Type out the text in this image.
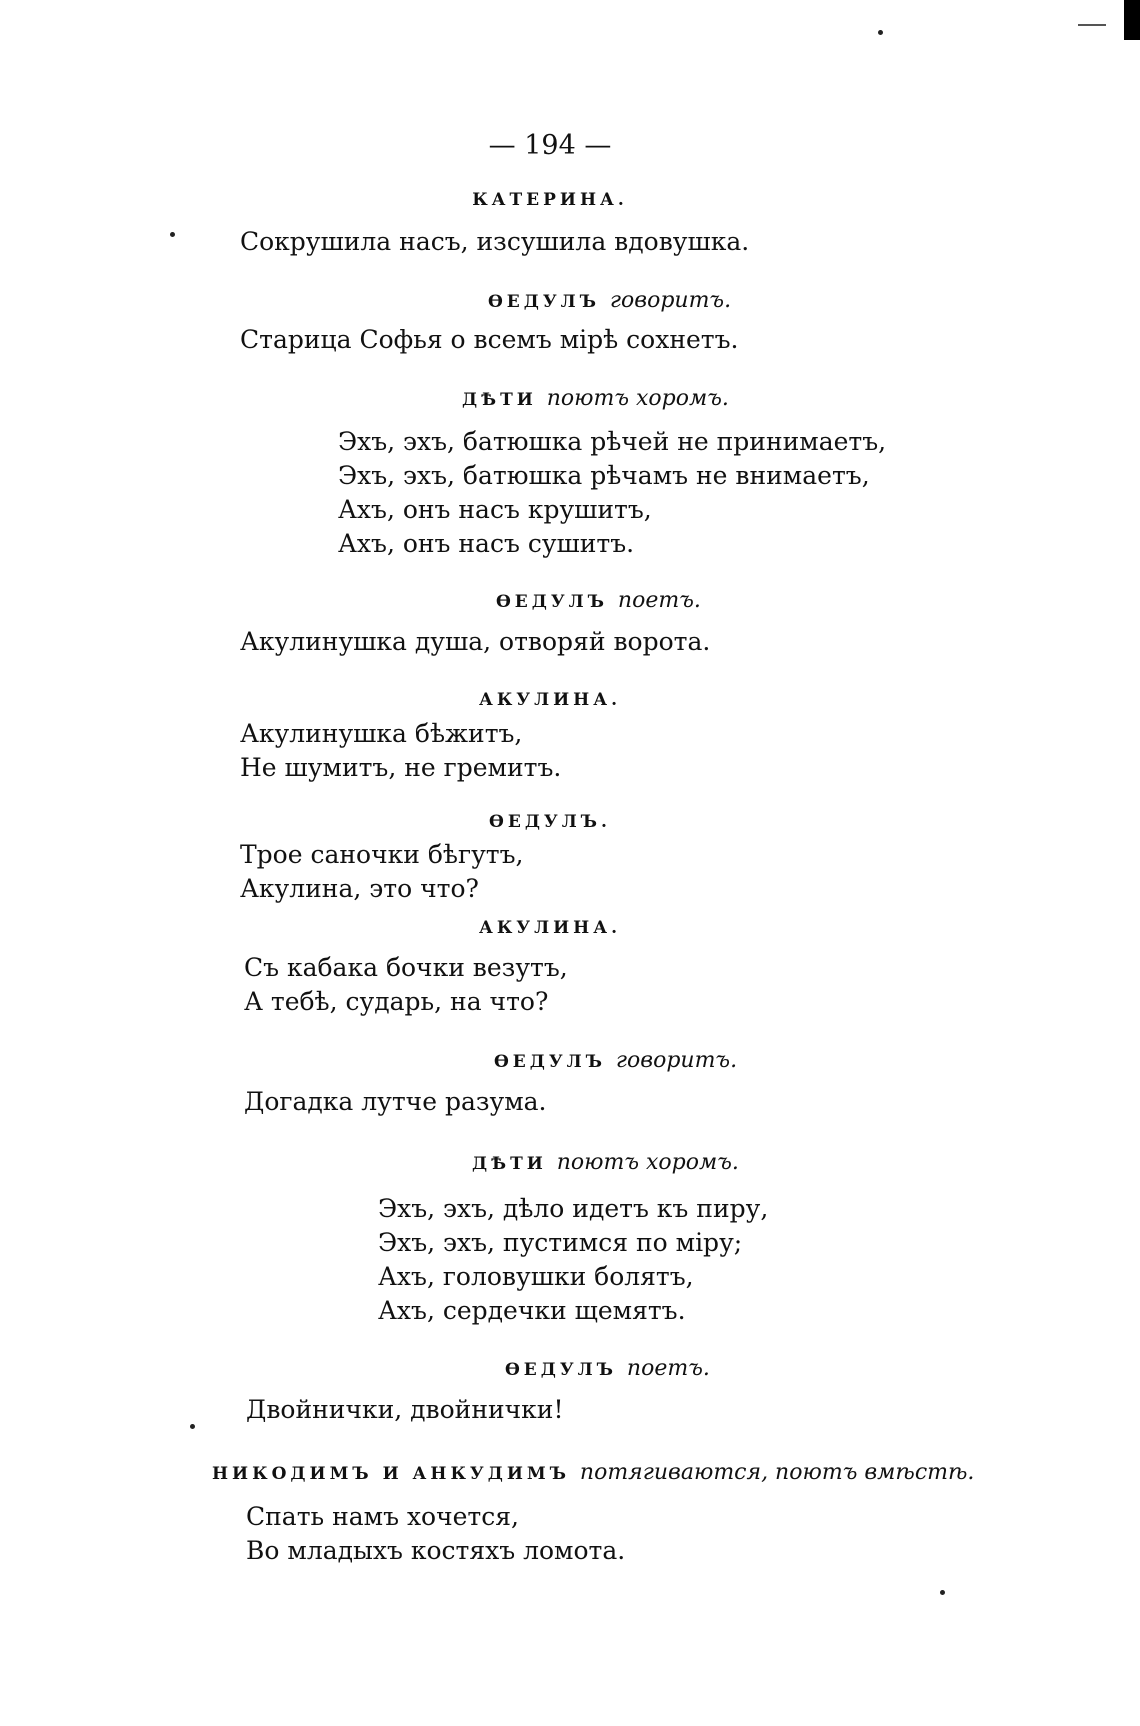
— 194 —
КАТЕРИНА.
Сокрушила насъ, изсушила вдовушка.
ѲЕДУЛЪ говоритъ.
Старица Софья о всемъ мірѣ сохнетъ.
ДѢТИ поютъ хоромъ.
Эхъ, эхъ, батюшка рѣчей не принимаетъ,
Эхъ, эхъ, батюшка рѣчамъ не внимаетъ,
Ахъ, онъ насъ крушитъ,
Ахъ, онъ насъ сушитъ.
ѲЕДУЛЪ поетъ.
Акулинушка душа, отворяй ворота.
АКУЛИНА.
Акулинушка бѣжитъ,
Не шумитъ, не гремитъ.
ѲЕДУЛЪ.
Трое саночки бѣгутъ,
Акулина, это что?
АКУЛИНА.
Съ кабака бочки везутъ,
А тебѣ, сударь, на что?
ѲЕДУЛЪ говоритъ.
Догадка лутче разума.
ДѢТИ поютъ хоромъ.
Эхъ, эхъ, дѣло идетъ къ пиру,
Эхъ, эхъ, пустимся по міру;
Ахъ, головушки болятъ,
Ахъ, сердечки щемятъ.
ѲЕДУЛЪ поетъ.
Двойнички, двойнички!
НИКОДИМЪ И АНКУДИМЪ потягиваются, поютъ вмѣстѣ.
Спать намъ хочется,
Во младыхъ костяхъ ломота.
